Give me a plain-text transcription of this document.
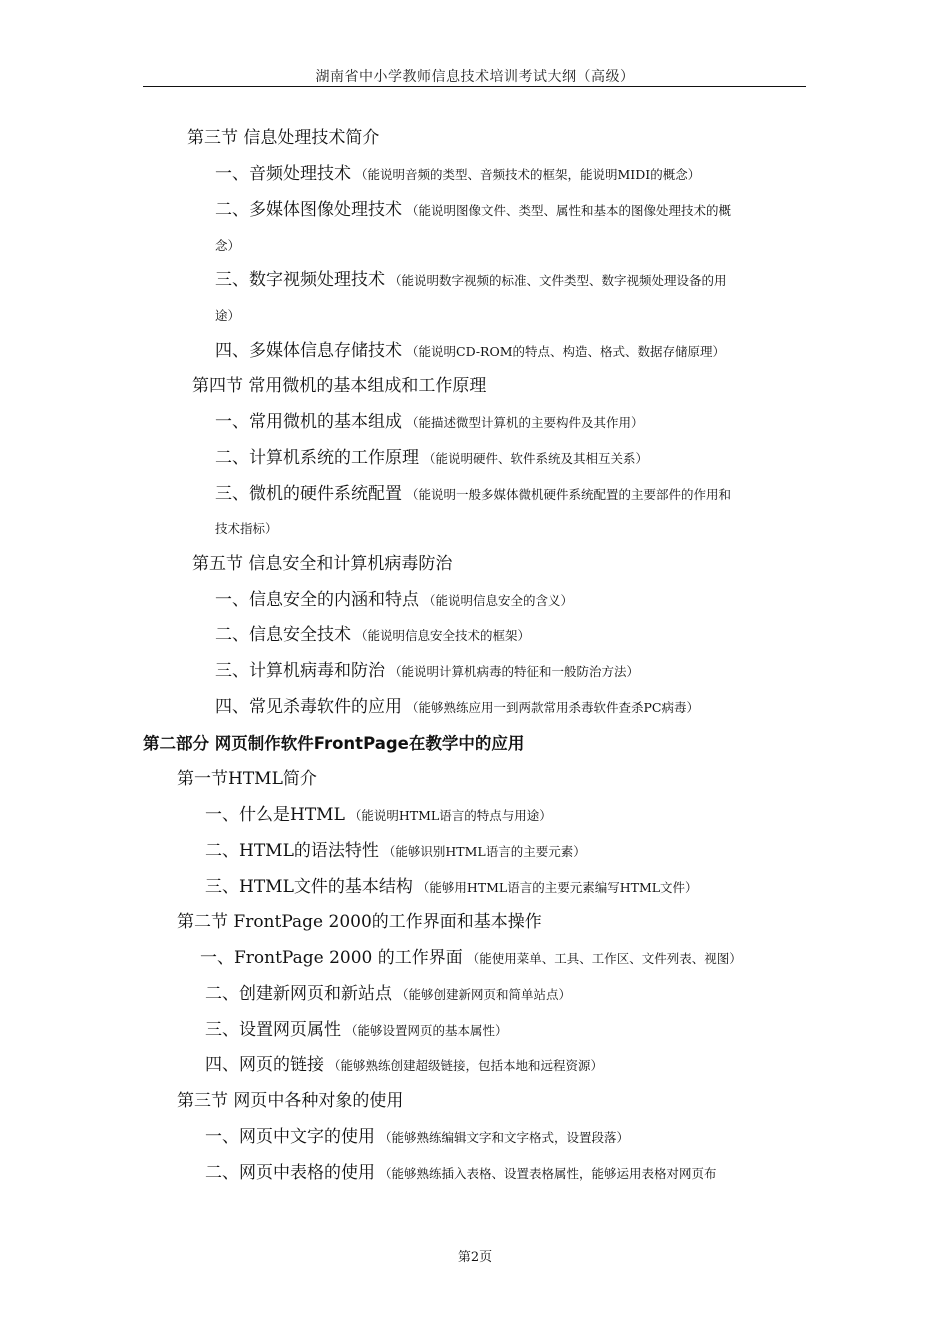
湖南省中小学教师信息技术培训考试大纲（高级）
第三节 信息处理技术简介
一、音频处理技术 （能说明音频的类型、音频技术的框架，能说明MIDI的概念）
二、多媒体图像处理技术 （能说明图像文件、类型、属性和基本的图像处理技术的概
念）
三、数字视频处理技术 （能说明数字视频的标准、文件类型、数字视频处理设备的用
途）
四、多媒体信息存储技术 （能说明CD-ROM的特点、构造、格式、数据存储原理）
第四节 常用微机的基本组成和工作原理
一、常用微机的基本组成 （能描述微型计算机的主要构件及其作用）
二、计算机系统的工作原理 （能说明硬件、软件系统及其相互关系）
三、微机的硬件系统配置 （能说明一般多媒体微机硬件系统配置的主要部件的作用和
技术指标）
第五节 信息安全和计算机病毒防治
一、信息安全的内涵和特点 （能说明信息安全的含义）
二、信息安全技术 （能说明信息安全技术的框架）
三、计算机病毒和防治 （能说明计算机病毒的特征和一般防治方法）
四、常见杀毒软件的应用 （能够熟练应用一到两款常用杀毒软件查杀PC病毒）
第二部分 网页制作软件FrontPage在教学中的应用
第一节HTML简介
一、什么是HTML （能说明HTML语言的特点与用途）
二、HTML的语法特性 （能够识别HTML语言的主要元素）
三、HTML文件的基本结构 （能够用HTML语言的主要元素编写HTML文件）
第二节 FrontPage 2000的工作界面和基本操作
一、FrontPage 2000 的工作界面 （能使用菜单、工具、工作区、文件列表、视图）
二、创建新网页和新站点 （能够创建新网页和简单站点）
三、设置网页属性 （能够设置网页的基本属性）
四、网页的链接 （能够熟练创建超级链接，包括本地和远程资源）
第三节 网页中各种对象的使用
一、网页中文字的使用 （能够熟练编辑文字和文字格式，设置段落）
二、网页中表格的使用 （能够熟练插入表格、设置表格属性，能够运用表格对网页布
第2页
